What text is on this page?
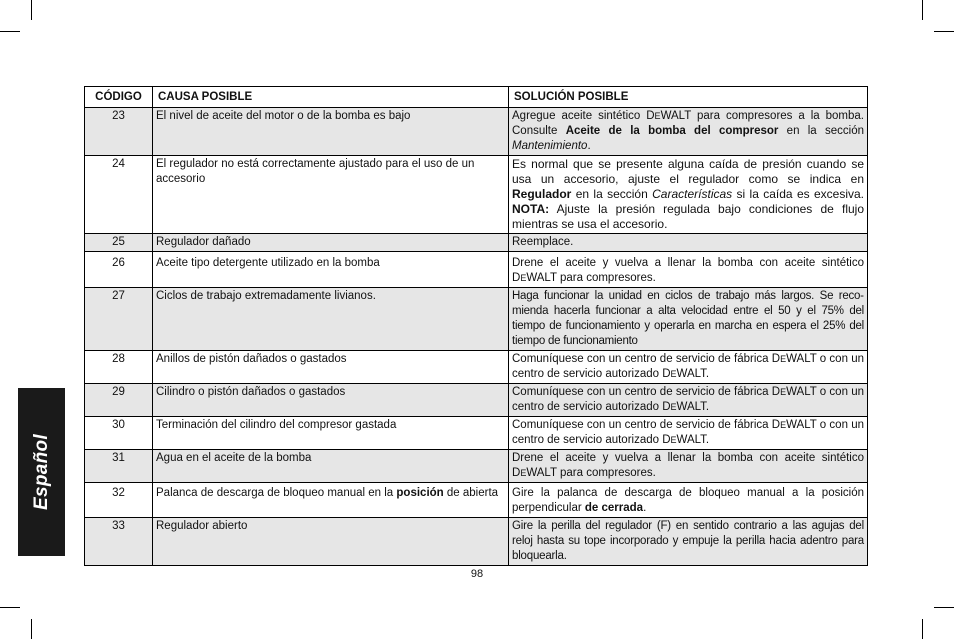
Español
CÓDIGO	CAUSA POSIBLE	SOLUCIÓN POSIBLE
23	El nivel de aceite del motor o de la bomba es bajo	Agregue aceite sintético DEWALT para compresores a la bomba. Consulte Aceite de la bomba del compresor en la sección Mantenimiento.
24	El regulador no está correctamente ajustado para el uso de un accesorio	Es normal que se presente alguna caída de presión cuando se usa un accesorio, ajuste el regulador como se indica en Regulador en la sección Características si la caída es excesiva. NOTA: Ajuste la presión regulada bajo condiciones de flujo mientras se usa el accesorio.
25	Regulador dañado	Reemplace.
26	Aceite tipo detergente utilizado en la bomba	Drene el aceite y vuelva a llenar la bomba con aceite sintético DEWALT para compresores.
27	Ciclos de trabajo extremadamente livianos.	Haga funcionar la unidad en ciclos de trabajo más largos. Se recomienda hacerla funcionar a alta velocidad entre el 50 y el 75% del tiempo de funcionamiento y operarla en marcha en espera el 25% del tiempo de funcionamiento
28	Anillos de pistón dañados o gastados	Comuníquese con un centro de servicio de fábrica DEWALT o con un centro de servicio autorizado DEWALT.
29	Cilindro o pistón dañados o gastados	Comuníquese con un centro de servicio de fábrica DEWALT o con un centro de servicio autorizado DEWALT.
30	Terminación del cilindro del compresor gastada	Comuníquese con un centro de servicio de fábrica DEWALT o con un centro de servicio autorizado DEWALT.
31	Agua en el aceite de la bomba	Drene el aceite y vuelva a llenar la bomba con aceite sintético DEWALT para compresores.
32	Palanca de descarga de bloqueo manual en la posición de abierta	Gire la palanca de descarga de bloqueo manual a la posición perpendicular de cerrada.
33	Regulador abierto	Gire la perilla del regulador (F) en sentido contrario a las agujas del reloj hasta su tope incorporado y empuje la perilla hacia adentro para bloquearla.
98
